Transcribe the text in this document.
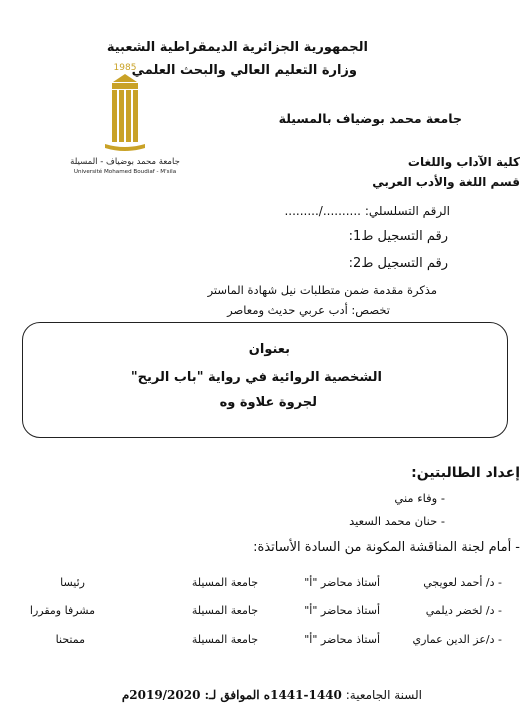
الجمهورية الجزائرية الديمقراطية الشعبية
وزارة التعليم العالي والبحث العلمي
1985
جامعة محمد بوضياف - المسيلة
Université Mohamed Boudiaf - M'sila
جامعة محمد بوضياف بالمسيلة
كلية الآداب واللغات
قسم اللغة والأدب العربي
الرقم التسلسلي: ........./..........
رقم التسجيل ط1:
رقم التسجيل ط2:
مذكرة مقدمة ضمن متطلبات نيل شهادة الماستر
تخصص: أدب عربي حديث ومعاصر
بعنوان
الشخصية الروائية في رواية "باب الريح"
لجروة علاوة وه
إعداد الطالبتين:
- وفاء مني
- حنان محمد السعيد
- أمام لجنة المناقشة المكونة من السادة الأساتذة:
- د/ أحمد لعويجي
أستاذ محاضر "أ"
جامعة المسيلة
رئيسا
- د/ لخضر ديلمي
أستاذ محاضر "أ"
جامعة المسيلة
مشرفا ومقررا
- د/عز الدين عماري
أستاذ محاضر "أ"
جامعة المسيلة
ممتحنا
السنة الجامعية: 1440-1441ه الموافق لـ: 2019/2020م
